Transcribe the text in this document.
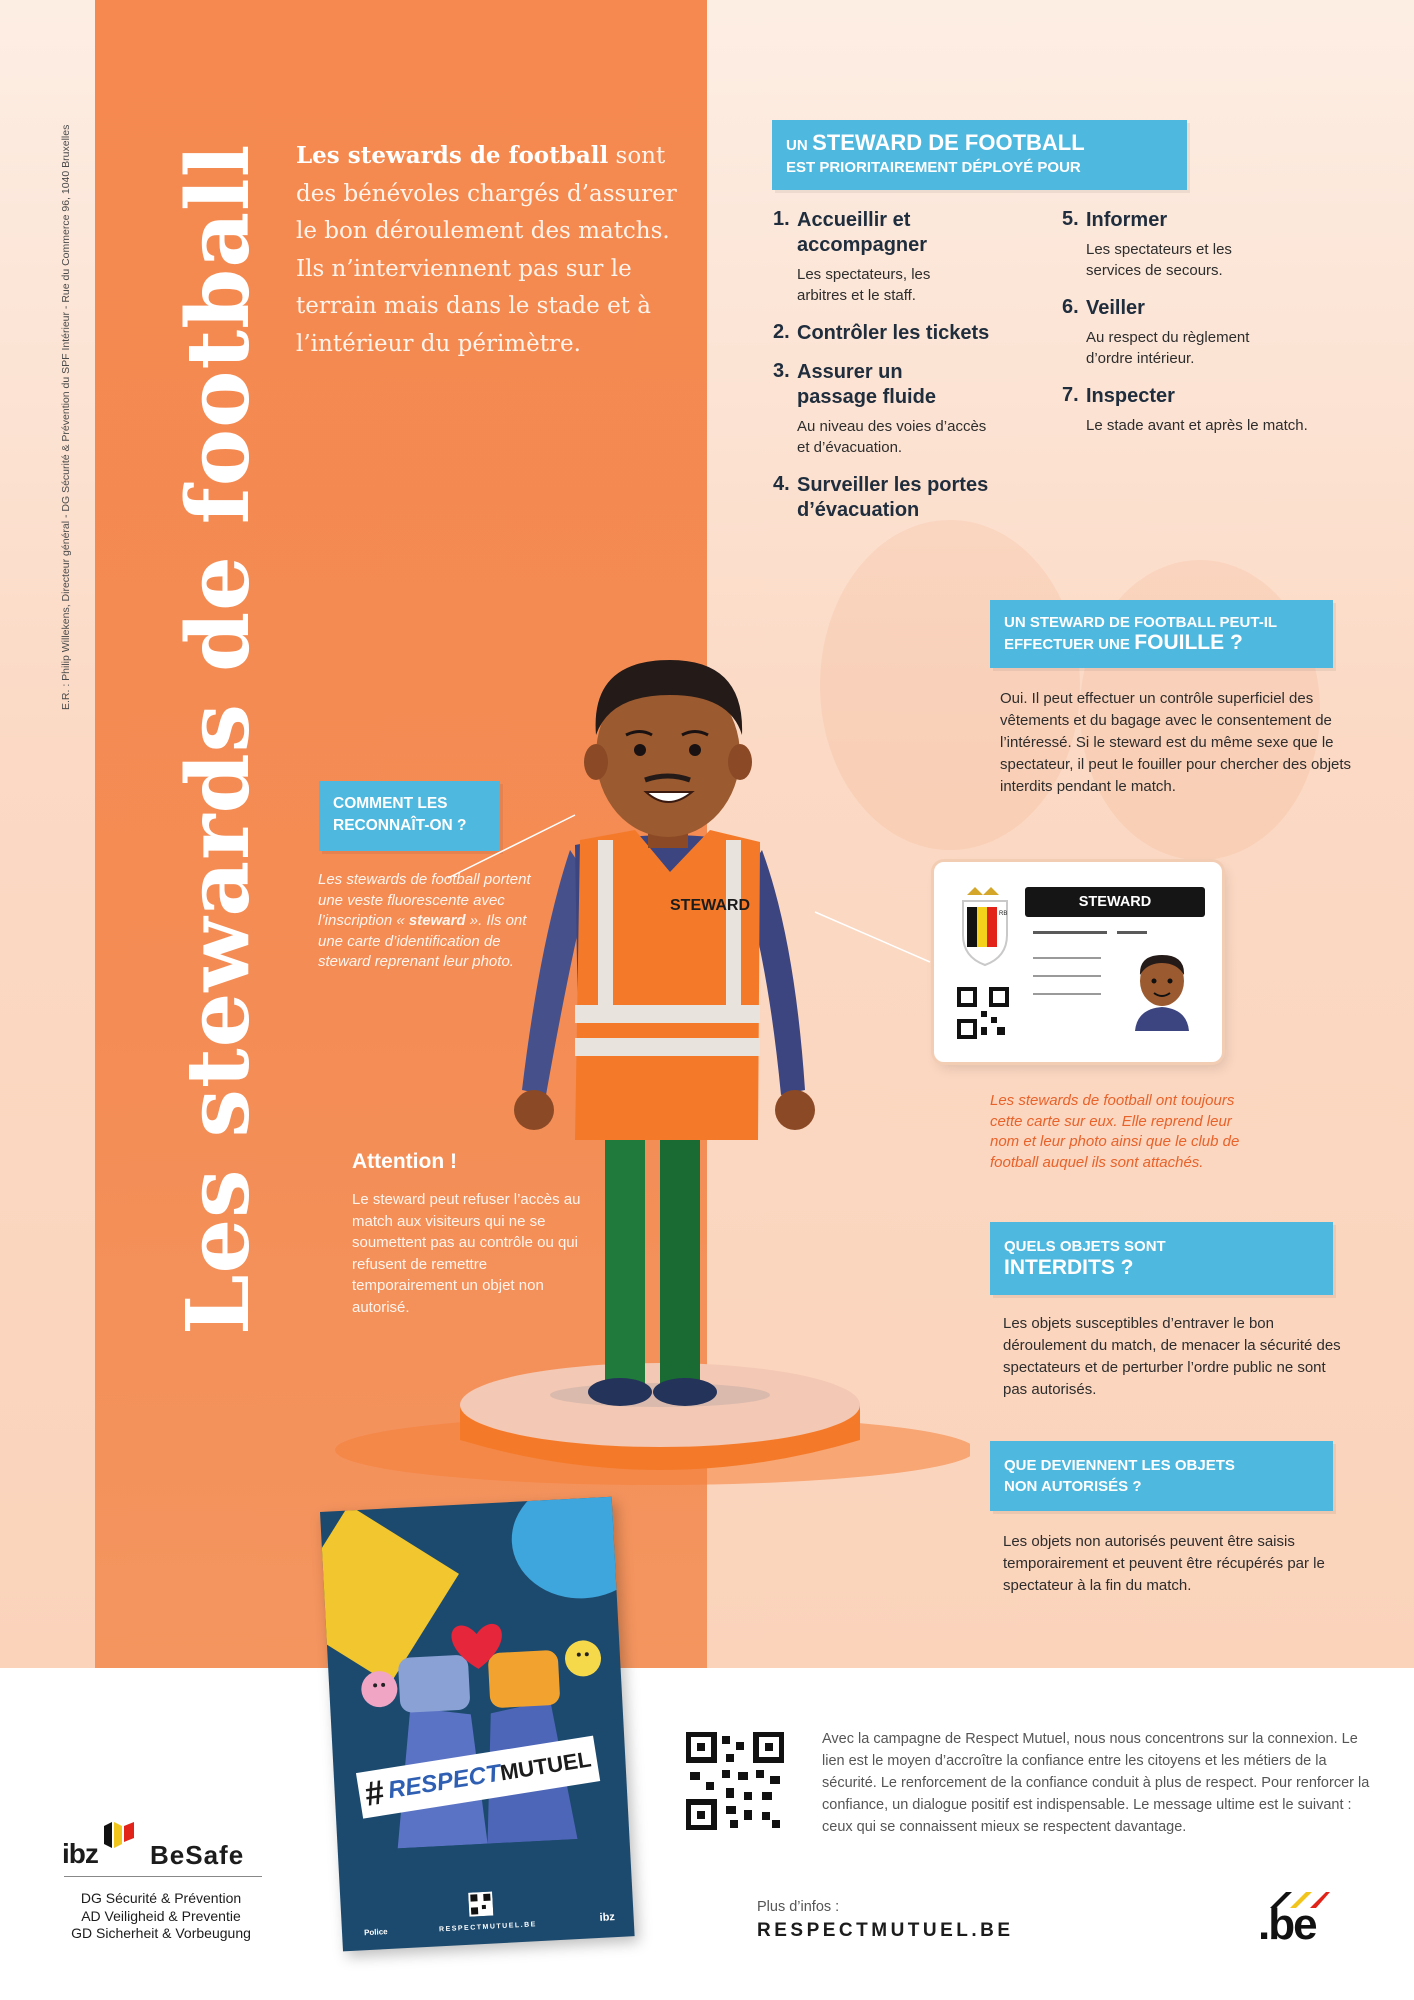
E.R. : Philip Willekens, Directeur général - DG Sécurité & Prévention du SPF Intérieur - Rue du Commerce 96, 1040 Bruxelles Les stewards de football Les stewards de football sont des bénévoles chargés d’assurer le bon déroulement des matchs. Ils n’interviennent pas sur le terrain mais dans le stade et à l’intérieur du périmètre.
UN STEWARD DE FOOTBALL
EST PRIORITAIREMENT DÉPLOYÉ POUR
1. Accueillir et accompagner
Les spectateurs, les arbitres et le staff.
2. Contrôler les tickets
3. Assurer un passage fluide
Au niveau des voies d’accès et d’évacuation.
4. Surveiller les portes d’évacuation
5. Informer
Les spectateurs et les services de secours.
6. Veiller
Au respect du règlement d’ordre intérieur.
7. Inspecter
Le stade avant et après le match.
UN STEWARD DE FOOTBALL PEUT-IL
EFFECTUER UNE FOUILLE ?
Oui. Il peut effectuer un contrôle superficiel des vêtements et du bagage avec le consentement de l’intéressé. Si le steward est du même sexe que le spectateur, il peut le fouiller pour chercher des objets interdits pendant le match.
COMMENT LES
RECONNAÎT-ON ?
Les stewards de football portent une veste fluorescente avec l’inscription « steward ». Ils ont une carte d’identification de steward reprenant leur photo.
STEWARD	RB
STEWARD
Les stewards de football ont toujours cette carte sur eux. Elle reprend leur nom et leur photo ainsi que le club de football auquel ils sont attachés.
Attention !
Le steward peut refuser l’accès au match aux visiteurs qui ne se soumettent pas au contrôle ou qui refusent de remettre temporairement un objet non autorisé.
QUELS OBJETS SONT
INTERDITS ?
Les objets susceptibles d’entraver le bon déroulement du match, de menacer la sécurité des spectateurs et de perturber l’ordre public ne sont pas autorisés.
QUE DEVIENNENT LES OBJETS
NON AUTORISÉS ?
Les objets non autorisés peuvent être saisis temporairement et peuvent être récupérés par le spectateur à la fin du match.
# RESPECTMUTUEL
Police	RESPECTMUTUEL.BE
ibz
Avec la campagne de Respect Mutuel, nous nous concentrons sur la connexion. Le lien est le moyen d’accroître la confiance entre les citoyens et les métiers de la sécurité. Le renforcement de la confiance conduit à plus de respect. Pour renforcer la confiance, un dialogue positif est indispensable. Le message ultime est le suivant : ceux qui se connaissent mieux se respectent davantage.
Plus d’infos :
RESPECTMUTUEL.BE
ibz BeSafe
DG Sécurité & Prévention
AD Veiligheid & Preventie
GD Sicherheit & Vorbeugung	.be
